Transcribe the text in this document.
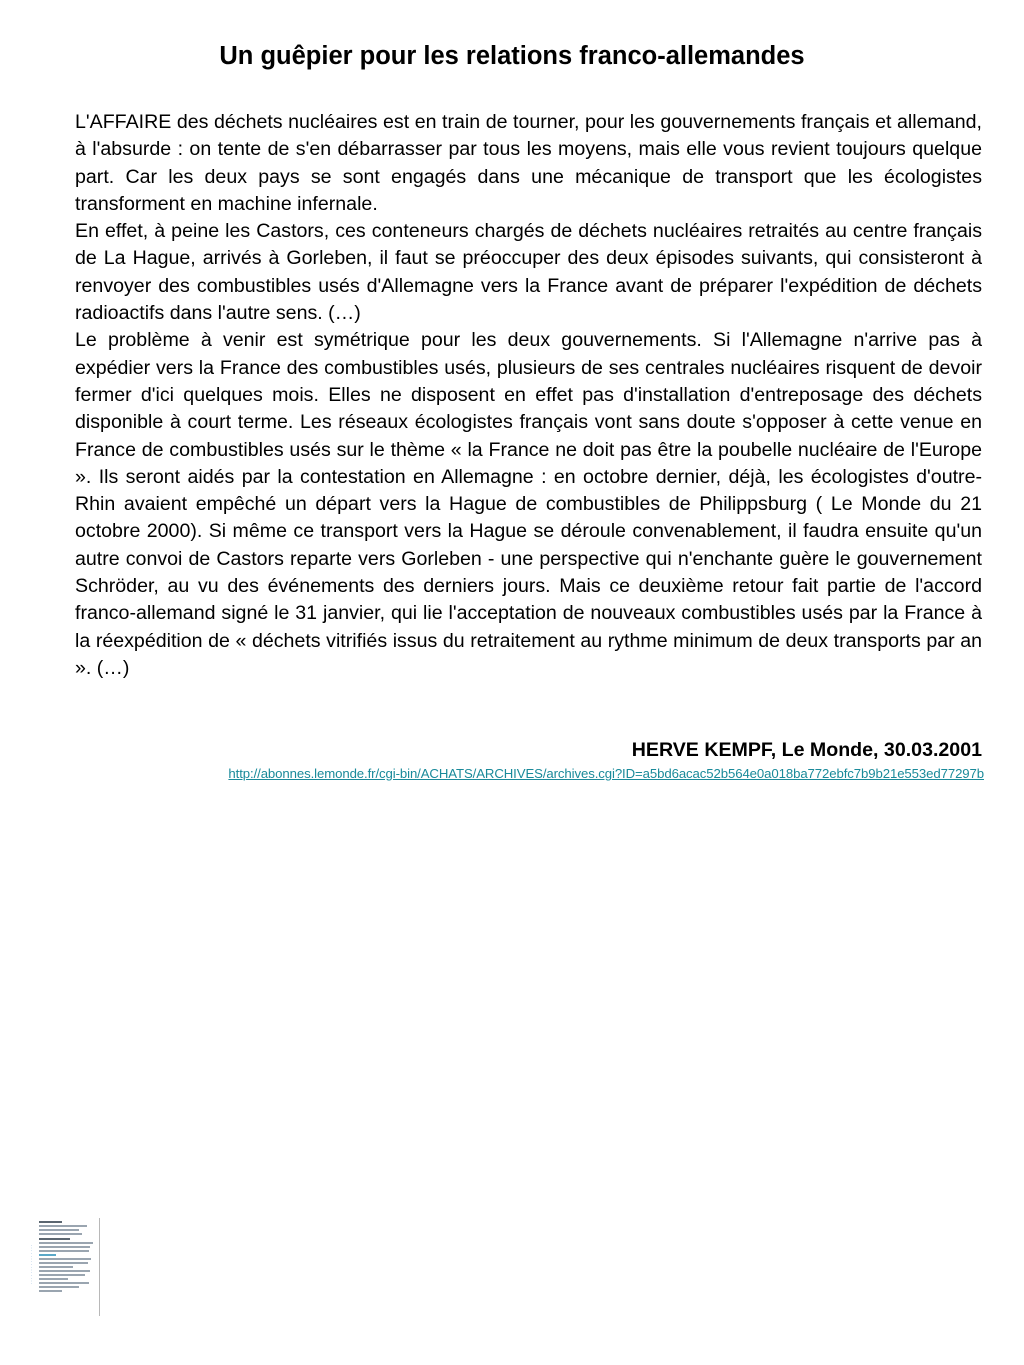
Un guêpier pour les relations franco-allemandes

L'AFFAIRE des déchets nucléaires est en train de tourner, pour les gouvernements français et allemand, à l'absurde : on tente de s'en débarrasser par tous les moyens, mais elle vous revient toujours quelque part. Car les deux pays se sont engagés dans une mécanique de transport que les écologistes transforment en machine infernale.

En effet, à peine les Castors, ces conteneurs chargés de déchets nucléaires retraités au centre français de La Hague, arrivés à Gorleben, il faut se préoccuper des deux épisodes suivants, qui consisteront à renvoyer des combustibles usés d'Allemagne vers la France avant de préparer l'expédition de déchets radioactifs dans l'autre sens. (…)

Le problème à venir est symétrique pour les deux gouvernements. Si l'Allemagne n'arrive pas à expédier vers la France des combustibles usés, plusieurs de ses centrales nucléaires risquent de devoir fermer d'ici quelques mois. Elles ne disposent en effet pas d'installation d'entreposage des déchets disponible à court terme. Les réseaux écologistes français vont sans doute s'opposer à cette venue en France de combustibles usés sur le thème « la France ne doit pas être la poubelle nucléaire de l'Europe ». Ils seront aidés par la contestation en Allemagne : en octobre dernier, déjà, les écologistes d'outre-Rhin avaient empêché un départ vers la Hague de combustibles de Philippsburg ( Le Monde du 21 octobre 2000). Si même ce transport vers la Hague se déroule convenablement, il faudra ensuite qu'un autre convoi de Castors reparte vers Gorleben - une perspective qui n'enchante guère le gouvernement Schröder, au vu des événements des derniers jours. Mais ce deuxième retour fait partie de l'accord franco-allemand signé le 31 janvier, qui lie l'acceptation de nouveaux combustibles usés par la France à la réexpédition de « déchets vitrifiés issus du retraitement au rythme minimum de deux transports par an ». (…)

HERVE KEMPF, Le Monde, 30.03.2001
http://abonnes.lemonde.fr/cgi-bin/ACHATS/ARCHIVES/archives.cgi?ID=a5bd6acac52b564e0a018ba772ebfc7b9b21e553ed77297b
· · · · · · · · · · · · · · ·
